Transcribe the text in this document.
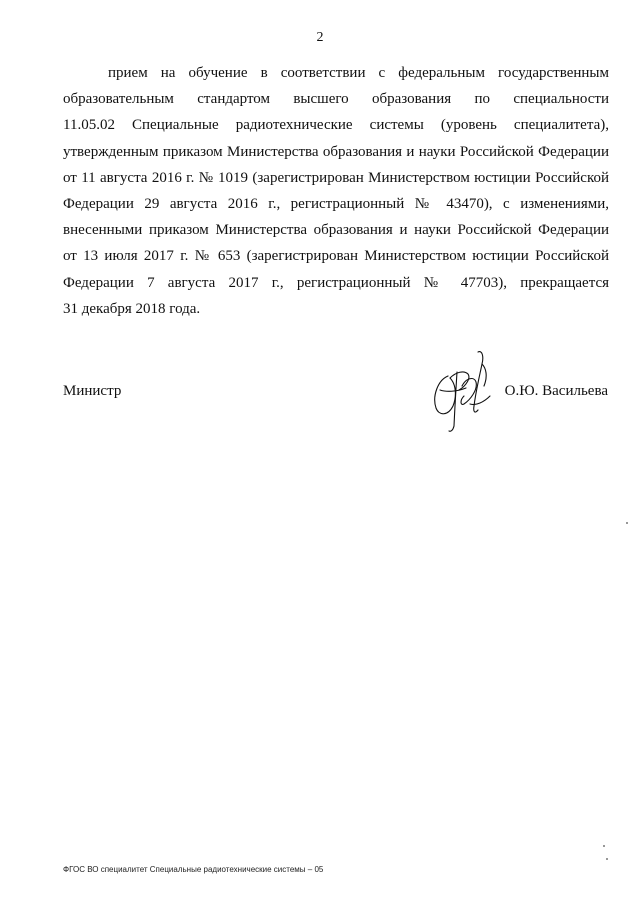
2
прием на обучение в соответствии с федеральным государственным
образовательным стандартом высшего образования по специальности
11.05.02 Специальные радиотехнические системы (уровень специалитета),
утвержденным приказом Министерства образования и науки Российской Федерации
от 11 августа 2016 г. № 1019 (зарегистрирован Министерством юстиции Российской
Федерации 29 августа 2016 г., регистрационный № 43470), с изменениями,
внесенными приказом Министерства образования и науки Российской Федерации
от 13 июля 2017 г. № 653 (зарегистрирован Министерством юстиции Российской
Федерации 7 августа 2017 г., регистрационный № 47703), прекращается
31 декабря 2018 года.
Министр	О.Ю. Васильева
ФГОС ВО специалитет Специальные радиотехнические системы – 05
